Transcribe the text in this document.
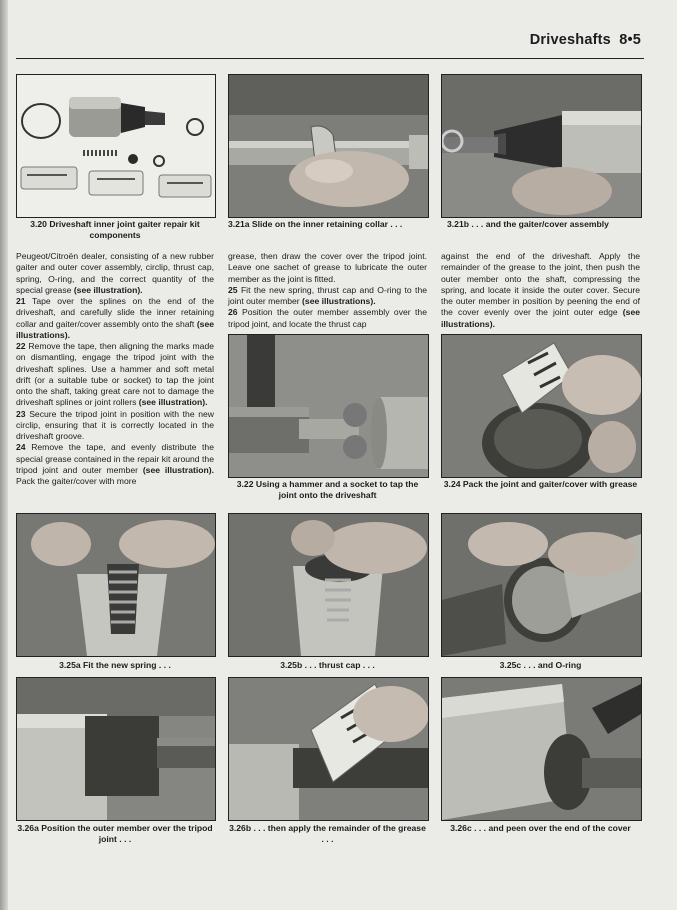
Driveshafts 8•5
3.20 Driveshaft inner joint gaiter repair kit components
3.21a Slide on the inner retaining collar . . .	3.21b . . . and the gaiter/cover assembly

Peugeot/Citroën dealer, consisting of a new rubber gaiter and outer cover assembly, circlip, thrust cap, spring, O-ring, and the correct quantity of the special grease (see illustration).

21 Tape over the splines on the end of the driveshaft, and carefully slide the inner retaining collar and gaiter/cover assembly onto the shaft (see illustrations).

22 Remove the tape, then aligning the marks made on dismantling, engage the tripod joint with the driveshaft splines. Use a hammer and soft metal drift (or a suitable tube or socket) to tap the joint onto the shaft, taking great care not to damage the driveshaft splines or joint rollers (see illustration).

23 Secure the tripod joint in position with the new circlip, ensuring that it is correctly located in the driveshaft groove.

24 Remove the tape, and evenly distribute the special grease contained in the repair kit around the tripod joint and outer member (see illustration). Pack the gaiter/cover with more

grease, then draw the cover over the tripod joint. Leave one sachet of grease to lubricate the outer member as the joint is fitted.

25 Fit the new spring, thrust cap and O-ring to the joint outer member (see illustrations).

26 Position the outer member assembly over the tripod joint, and locate the thrust cap

against the end of the driveshaft. Apply the remainder of the grease to the joint, then push the outer member onto the shaft, compressing the spring, and locate it inside the outer cover. Secure the outer member in position by peening the end of the cover evenly over the joint outer edge (see illustrations).

3.22 Using a hammer and a socket to tap the joint onto the driveshaft
3.24 Pack the joint and gaiter/cover with grease
3.25a Fit the new spring . . .	3.25b . . . thrust cap . . .	3.25c . . . and O-ring
3.26a Position the outer member over the tripod joint . . .
3.26b . . . then apply the remainder of the grease . . .
3.26c . . . and peen over the end of the cover
